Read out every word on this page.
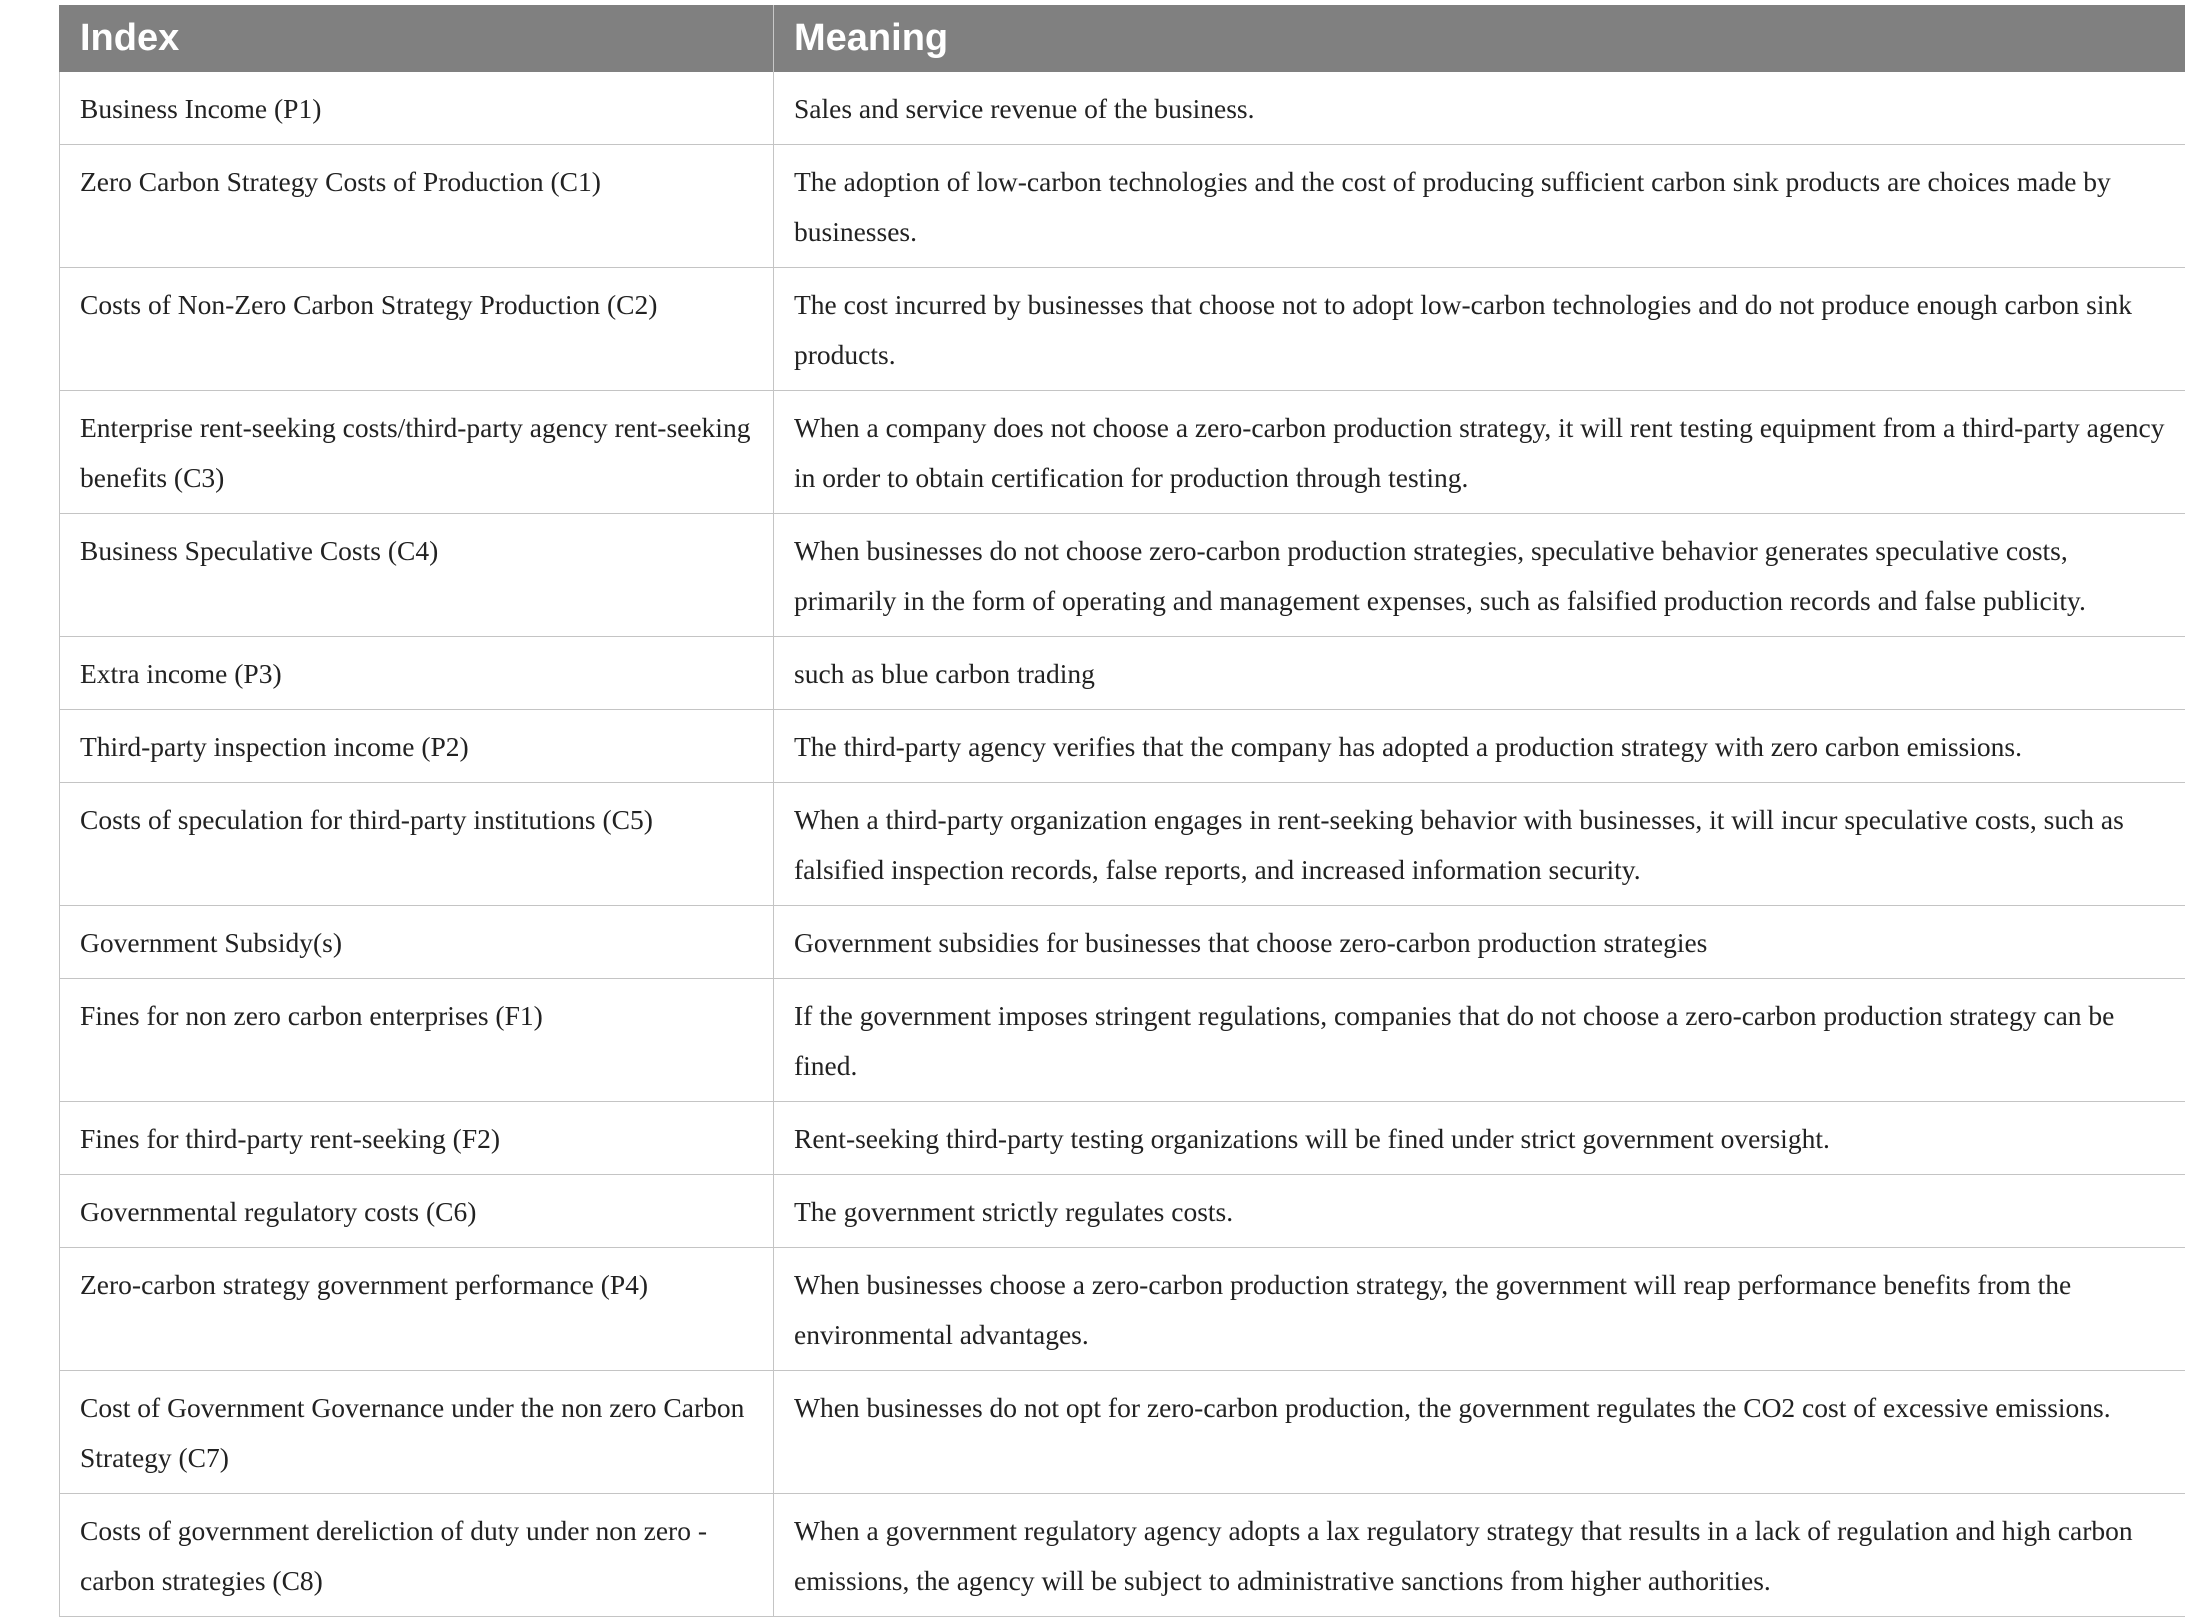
Index	Meaning
Business Income (P1)	Sales and service revenue of the business.
Zero Carbon Strategy Costs of Production (C1)	The adoption of low-carbon technologies and the cost of producing sufficient carbon sink products are choices made by businesses.
Costs of Non-Zero Carbon Strategy Production (C2)	The cost incurred by businesses that choose not to adopt low-carbon technologies and do not produce enough carbon sink products.
Enterprise rent-seeking costs/third-party agency rent-seeking benefits (C3)	When a company does not choose a zero-carbon production strategy, it will rent testing equipment from a third-party agency in order to obtain certification for production through testing.
Business Speculative Costs (C4)	When businesses do not choose zero-carbon production strategies, speculative behavior generates speculative costs, primarily in the form of operating and management expenses, such as falsified production records and false publicity.
Extra income (P3)	such as blue carbon trading
Third-party inspection income (P2)	The third-party agency verifies that the company has adopted a production strategy with zero carbon emissions.
Costs of speculation for third-party institutions (C5)	When a third-party organization engages in rent-seeking behavior with businesses, it will incur speculative costs, such as falsified inspection records, false reports, and increased information security.
Government Subsidy(s)	Government subsidies for businesses that choose zero-carbon production strategies
Fines for non zero carbon enterprises (F1)	If the government imposes stringent regulations, companies that do not choose a zero-carbon production strategy can be fined.
Fines for third-party rent-seeking (F2)	Rent-seeking third-party testing organizations will be fined under strict government oversight.
Governmental regulatory costs (C6)	The government strictly regulates costs.
Zero-carbon strategy government performance (P4)	When businesses choose a zero-carbon production strategy, the government will reap performance benefits from the environmental advantages.
Cost of Government Governance under the non zero Carbon Strategy (C7)	When businesses do not opt for zero-carbon production, the government regulates the CO2 cost of excessive emissions.
Costs of government dereliction of duty under non zero -carbon strategies (C8)	When a government regulatory agency adopts a lax regulatory strategy that results in a lack of regulation and high carbon emissions, the agency will be subject to administrative sanctions from higher authorities.
